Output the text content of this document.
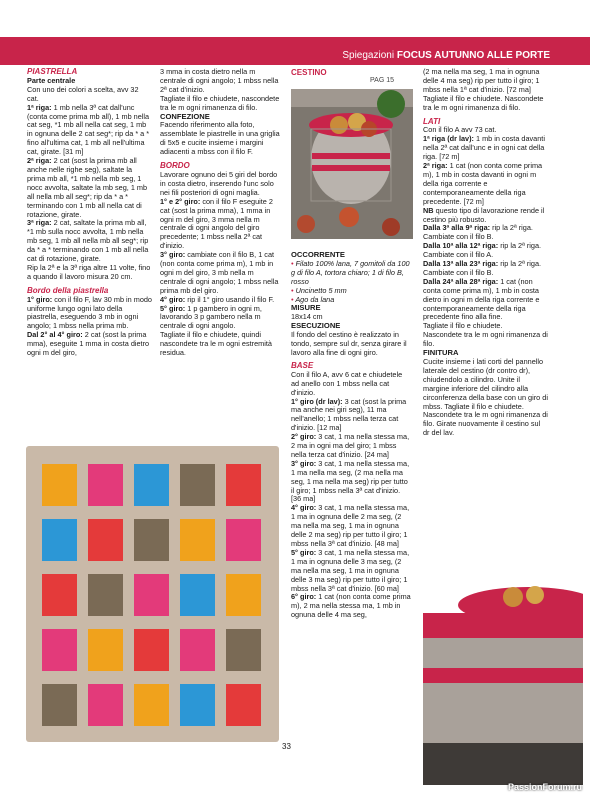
Spiegazioni FOCUS AUTUNNO ALLE PORTE

PIASTRELLA

Parte centrale

Con uno dei colori a scelta, avv 32 cat.

1ª riga: 1 mb nella 3ª cat dall'unc (conta come prima mb all), 1 mb nella cat seg, *1 mb all nella cat seg, 1 mb in ognuna delle 2 cat seg*; rip da * a * fino all'ultima cat, 1 mb all nell'ultima cat, girate. [31 m]

2ª riga: 2 cat (sost la prima mb all anche nelle righe seg), saltate la prima mb all, *1 mb nella mb seg, 1 nocc avvolta, saltate la mb seg, 1 mb all nella mb all seg*; rip da * a * terminando con 1 mb all nella cat di rotazione, girate.

3ª riga: 2 cat, saltate la prima mb all, *1 mb sulla nocc avvolta, 1 mb nella mb seg, 1 mb all nella mb all seg*; rip da * a * terminando con 1 mb all nella cat di rotazione, girate.

Rip la 2ª e la 3ª riga altre 11 volte, fino a quando il lavoro misura 20 cm.

Bordo della piastrella

1° giro: con il filo F, lav 30 mb in modo uniforme lungo ogni lato della piastrella, eseguendo 3 mb in ogni angolo; 1 mbss nella prima mb.

Dal 2° al 4° giro: 2 cat (sost la prima mma), eseguite 1 mma in costa dietro ogni m del giro,

3 mma in costa dietro nella m centrale di ogni angolo; 1 mbss nella 2ª cat d'inizio.

Tagliate il filo e chiudete, nascondete tra le m ogni rimanenza di filo.

CONFEZIONE

Facendo riferimento alla foto, assemblate le piastrelle in una griglia di 5x5 e cucite insieme i margini adiacenti a mbss con il filo F.

BORDO

Lavorare ognuno dei 5 giri del bordo in costa dietro, inserendo l'unc solo nei fili posteriori di ogni maglia.

1° e 2° giro: con il filo F eseguite 2 cat (sost la prima mma), 1 mma in ogni m del giro, 3 mma nella m centrale di ogni angolo del giro precedente; 1 mbss nella 2ª cat d'inizio.

3° giro: cambiate con il filo B, 1 cat (non conta come prima m), 1 mb in ogni m del giro, 3 mb nella m centrale di ogni angolo; 1 mbss nella prima mb del giro.

4° giro: rip il 1° giro usando il filo F.

5° giro: 1 p gambero in ogni m, lavorando 3 p gambero nella m centrale di ogni angolo.

Tagliate il filo e chiudete, quindi nascondete tra le m ogni estremità residua.

CESTINO
PAG 15

OCCORRENTE

• Filato 100% lana, 7 gomitoli da 100 g di filo A, tortora chiaro; 1 di filo B, rosso
• Uncinetto 5 mm
• Ago da lana

MISURE

18x14 cm

ESECUZIONE

Il fondo del cestino è realizzato in tondo, sempre sul dr, senza girare il lavoro alla fine di ogni giro.

BASE

Con il filo A, avv 6 cat e chiudetele ad anello con 1 mbss nella cat d'inizio.

1° giro (dr lav): 3 cat (sost la prima ma anche nei giri seg), 11 ma nell'anello; 1 mbss nella terza cat d'inizio. [12 ma]

2° giro: 3 cat, 1 ma nella stessa ma, 2 ma in ogni ma del giro; 1 mbss nella terza cat d'inizio. [24 ma]

3° giro: 3 cat, 1 ma nella stessa ma, 1 ma nella ma seg, (2 ma nella ma seg, 1 ma nella ma seg) rip per tutto il giro; 1 mbss nella 3ª cat d'inizio. [36 ma]

4° giro: 3 cat, 1 ma nella stessa ma, 1 ma in ognuna delle 2 ma seg, (2 ma nella ma seg, 1 ma in ognuna delle 2 ma seg) rip per tutto il giro; 1 mbss nella 3ª cat d'inizio. [48 ma]

5° giro: 3 cat, 1 ma nella stessa ma, 1 ma in ognuna delle 3 ma seg, (2 ma nella ma seg, 1 ma in ognuna delle 3 ma seg) rip per tutto il giro; 1 mbss nella 3ª cat d'inizio. [60 ma]

6° giro: 1 cat (non conta come prima m), 2 ma nella stessa ma, 1 mb in ognuna delle 4 ma seg,

(2 ma nella ma seg, 1 ma in ognuna delle 4 ma seg) rip per tutto il giro; 1 mbss nella 1ª cat d'inizio. [72 ma]

Tagliate il filo e chiudete. Nascondete tra le m ogni rimanenza di filo.

LATI

Con il filo A avv 73 cat.

1ª riga (dr lav): 1 mb in costa davanti nella 2ª cat dall'unc e in ogni cat della riga. [72 m]

2ª riga: 1 cat (non conta come prima m), 1 mb in costa davanti in ogni m della riga corrente e contemporaneamente della riga precedente. [72 m]

NB questo tipo di lavorazione rende il cestino più robusto.

Dalla 3ª alla 9ª riga: rip la 2ª riga.

Cambiate con il filo B.

Dalla 10ª alla 12ª riga: rip la 2ª riga.

Cambiate con il filo A.

Dalla 13ª alla 23ª riga: rip la 2ª riga.

Cambiate con il filo B.

Dalla 24ª alla 28ª riga: 1 cat (non conta come prima m), 1 mb in costa dietro in ogni m della riga corrente e contemporaneamente della riga precedente fino alla fine.

Tagliate il filo e chiudete.

Nascondete tra le m ogni rimanenza di filo.

FINITURA

Cucite insieme i lati corti del pannello laterale del cestino (dr contro dr), chiudendolo a cilindro. Unite il margine inferiore del cilindro alla circonferenza della base con un giro di mbss. Tagliate il filo e chiudete. Nascondete tra le m ogni rimanenza di filo. Girate nuovamente il cestino sul dr del lav.

33
PassionForum.ru
